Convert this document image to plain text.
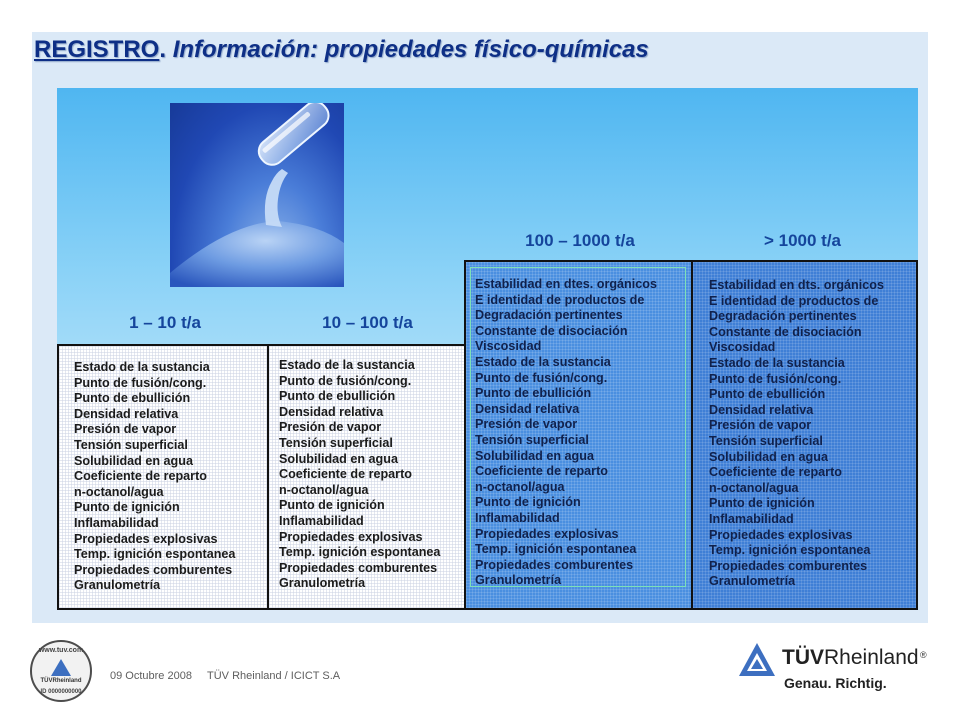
REGISTRO. Información: propiedades físico-químicas
1 – 10 t/a	10 – 100 t/a
100 – 1000 t/a	> 1000 t/a
Estado de la sustancia
Punto de fusión/cong.
Punto de ebullición
Densidad relativa
Presión de vapor
Tensión superficial
Solubilidad en agua
Coeficiente de reparto
n-octanol/agua
Punto de ignición
Inflamabilidad
Propiedades explosivas
Temp. ignición espontanea
Propiedades comburentes
Granulometría
Estado de la sustancia
Punto de fusión/cong.
Punto de ebullición
Densidad relativa
Presión de vapor
Tensión superficial
Solubilidad en agua
Coeficiente de reparto
n-octanol/agua
Punto de ignición
Inflamabilidad
Propiedades explosivas
Temp. ignición espontanea
Propiedades comburentes
Granulometría
Estabilidad en dtes. orgánicos
E identidad de productos de
Degradación pertinentes
Constante de disociación
Viscosidad
Estado de la sustancia
Punto de fusión/cong.
Punto de ebullición
Densidad relativa
Presión de vapor
Tensión superficial
Solubilidad en agua
Coeficiente de reparto
n-octanol/agua
Punto de ignición
Inflamabilidad
Propiedades explosivas
Temp. ignición espontanea
Propiedades comburentes
Granulometría
Estabilidad en dts. orgánicos
E identidad de productos de
Degradación pertinentes
Constante de disociación
Viscosidad
Estado de la sustancia
Punto de fusión/cong.
Punto de ebullición
Densidad relativa
Presión de vapor
Tensión superficial
Solubilidad en agua
Coeficiente de reparto
n-octanol/agua
Punto de ignición
Inflamabilidad
Propiedades explosivas
Temp. ignición espontanea
Propiedades comburentes
Granulometría
www.tuv.com
TÜVRheinland
ID 0000000000
09 Octubre 2008 TÜV Rheinland / ICICT S.A
TÜVRheinland ®
Genau. Richtig.
